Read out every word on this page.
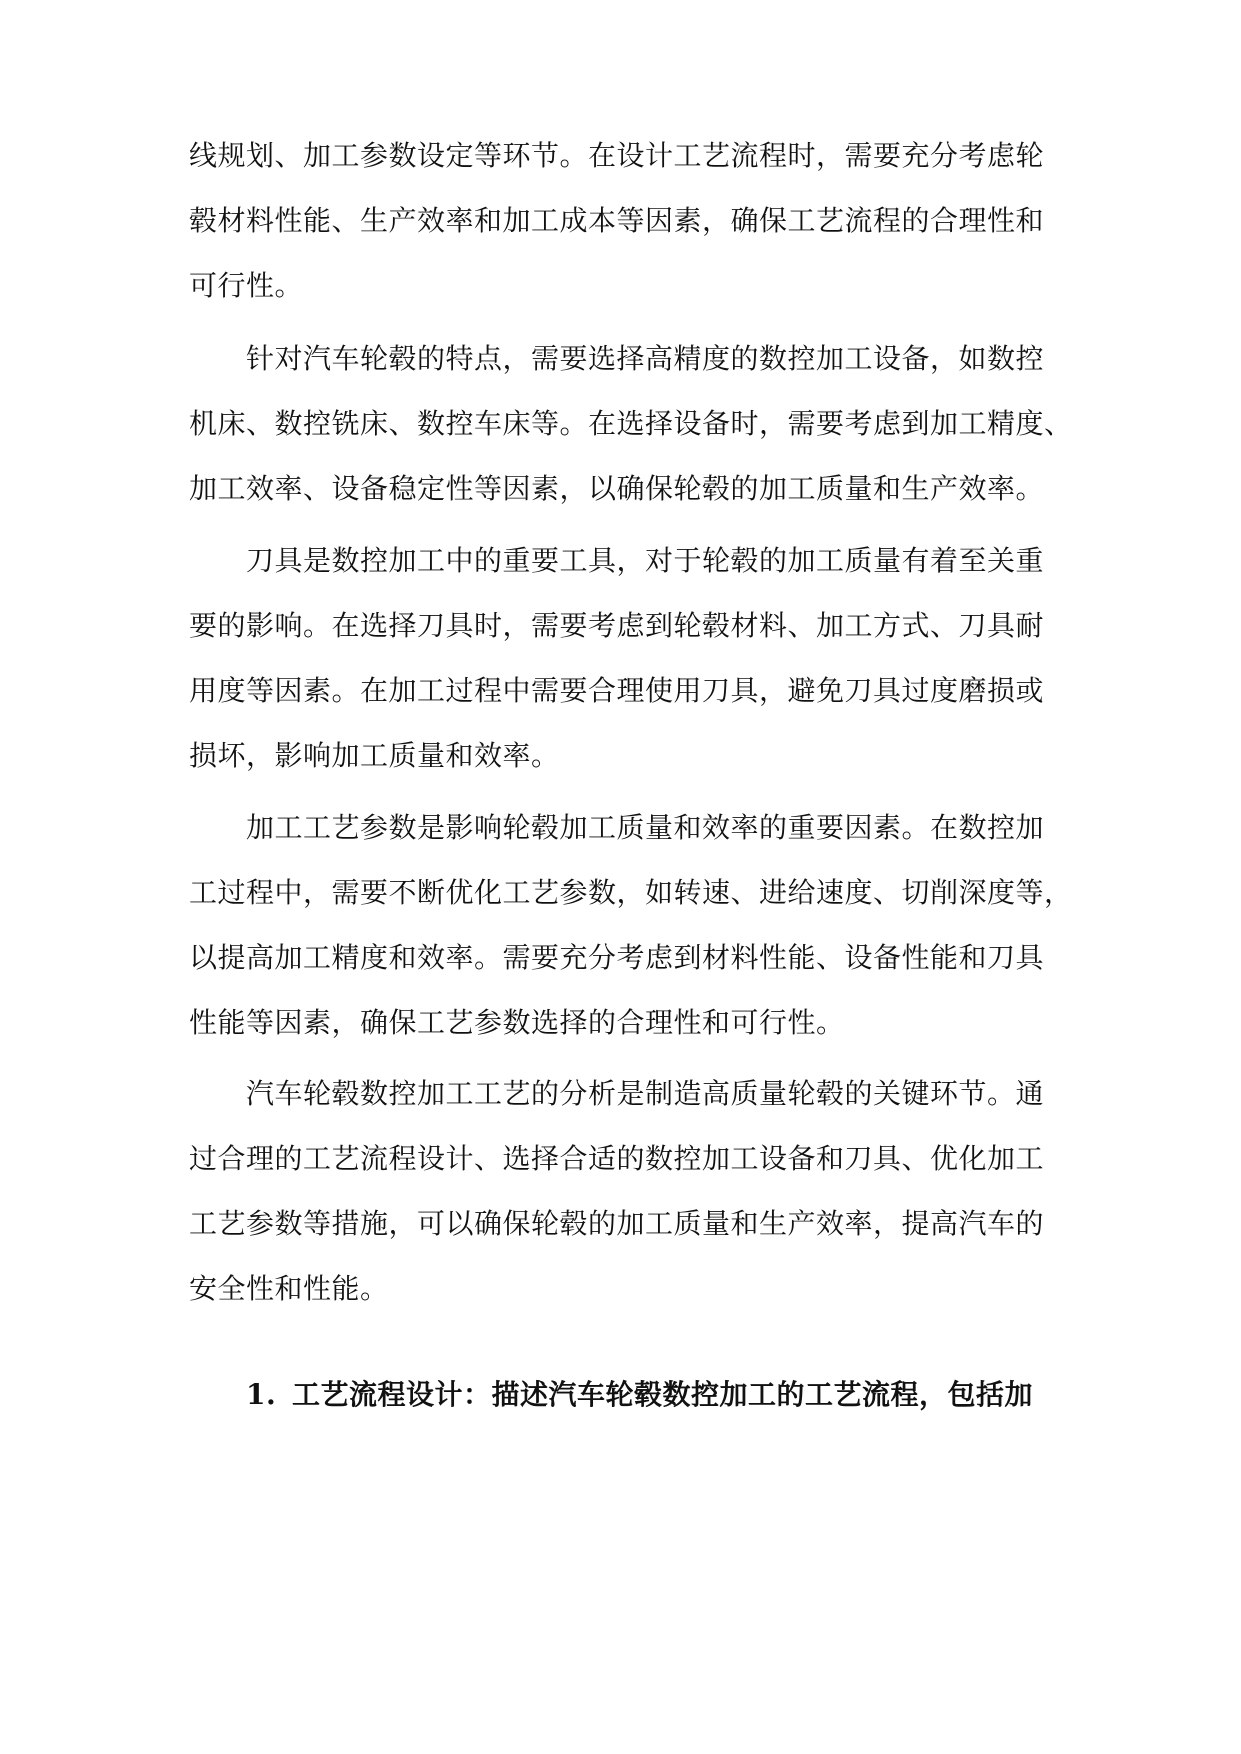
线规划、加工参数设定等环节。在设计工艺流程时，需要充分考虑轮
毂材料性能、生产效率和加工成本等因素，确保工艺流程的合理性和
可行性。
针对汽车轮毂的特点，需要选择高精度的数控加工设备，如数控
机床、数控铣床、数控车床等。在选择设备时，需要考虑到加工精度、
加工效率、设备稳定性等因素，以确保轮毂的加工质量和生产效率。
刀具是数控加工中的重要工具，对于轮毂的加工质量有着至关重
要的影响。在选择刀具时，需要考虑到轮毂材料、加工方式、刀具耐
用度等因素。在加工过程中需要合理使用刀具，避免刀具过度磨损或
损坏，影响加工质量和效率。
加工工艺参数是影响轮毂加工质量和效率的重要因素。在数控加
工过程中，需要不断优化工艺参数，如转速、进给速度、切削深度等，
以提高加工精度和效率。需要充分考虑到材料性能、设备性能和刀具
性能等因素，确保工艺参数选择的合理性和可行性。
汽车轮毂数控加工工艺的分析是制造高质量轮毂的关键环节。通
过合理的工艺流程设计、选择合适的数控加工设备和刀具、优化加工
工艺参数等措施，可以确保轮毂的加工质量和生产效率，提高汽车的
安全性和性能。
1. 工艺流程设计：描述汽车轮毂数控加工的工艺流程，包括加
